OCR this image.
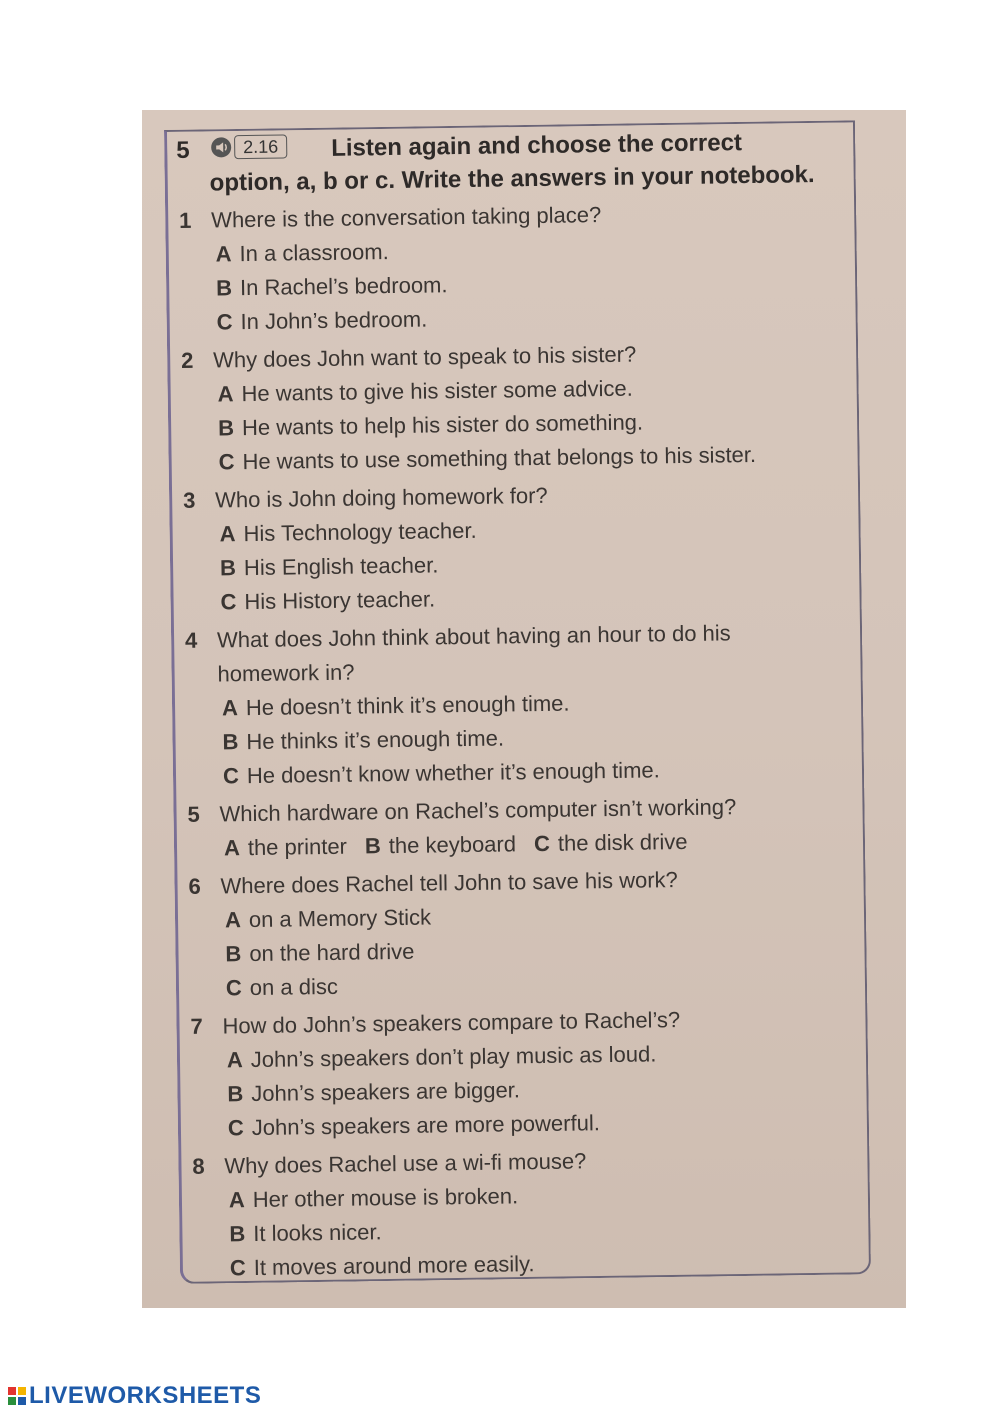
5	2.16	Listen again and choose the correct option, a, b or c. Write the answers in your notebook.
1 Where is the conversation taking place?
A In a classroom.
B In Rachel’s bedroom.
C In John’s bedroom.
2 Why does John want to speak to his sister?
A He wants to give his sister some advice.
B He wants to help his sister do something.
C He wants to use something that belongs to his sister.
3 Who is John doing homework for?
A His Technology teacher.
B His English teacher.
C His History teacher.
4 What does John think about having an hour to do his homework in?
A He doesn’t think it’s enough time.
B He thinks it’s enough time.
C He doesn’t know whether it’s enough time.
5 Which hardware on Rachel’s computer isn’t working?
A the printer B the keyboard C the disk drive
6 Where does Rachel tell John to save his work?
A on a Memory Stick
B on the hard drive
C on a disc
7 How do John’s speakers compare to Rachel’s?
A John’s speakers don’t play music as loud.
B John’s speakers are bigger.
C John’s speakers are more powerful.
8 Why does Rachel use a wi-fi mouse?
A Her other mouse is broken.
B It looks nicer.
C It moves around more easily.
LIVEWORKSHEETS
